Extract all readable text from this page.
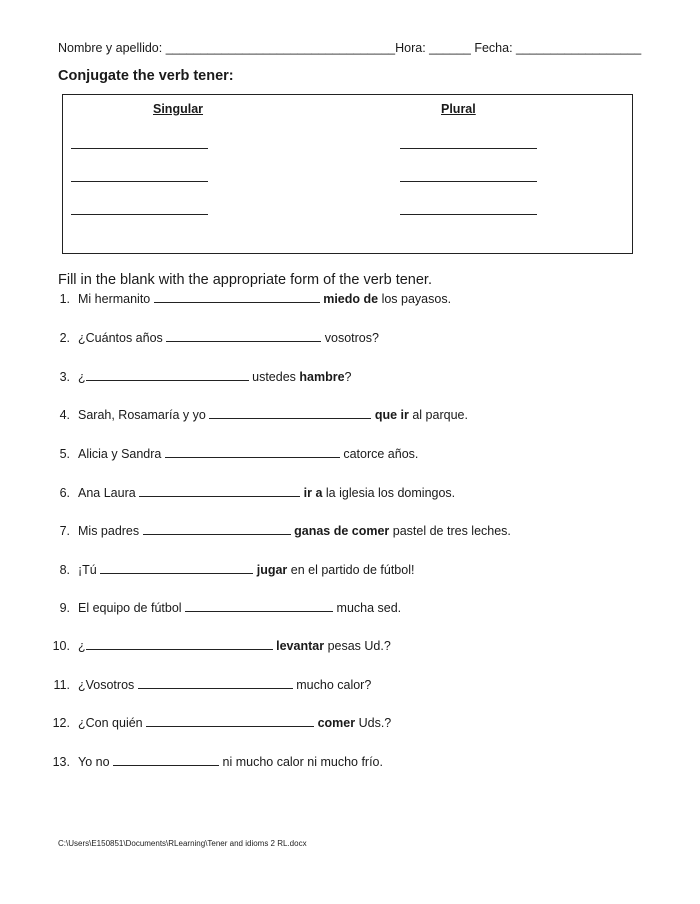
Nombre y apellido: _________________________________Hora: ______ Fecha: __________________
Conjugate the verb tener:
Singular	Plural
Fill in the blank with the appropriate form of the verb tener.
1. Mi hermanito	miedo de los payasos.
2. ¿Cuántos años	vosotros?
3. ¿	ustedes hambre?
4. Sarah, Rosamaría y yo	que ir al parque.
5. Alicia y Sandra	catorce años.
6. Ana Laura	ir a la iglesia los domingos.
7. Mis padres	ganas de comer pastel de tres leches.
8. ¡Tú	jugar en el partido de fútbol!
9. El equipo de fútbol	mucha sed.
10. ¿	levantar pesas Ud.?
11. ¿Vosotros	mucho calor?
12. ¿Con quién	comer Uds.?
13. Yo no	ni mucho calor ni mucho frío.
C:\Users\E150851\Documents\RLearning\Tener and idioms 2 RL.docx
